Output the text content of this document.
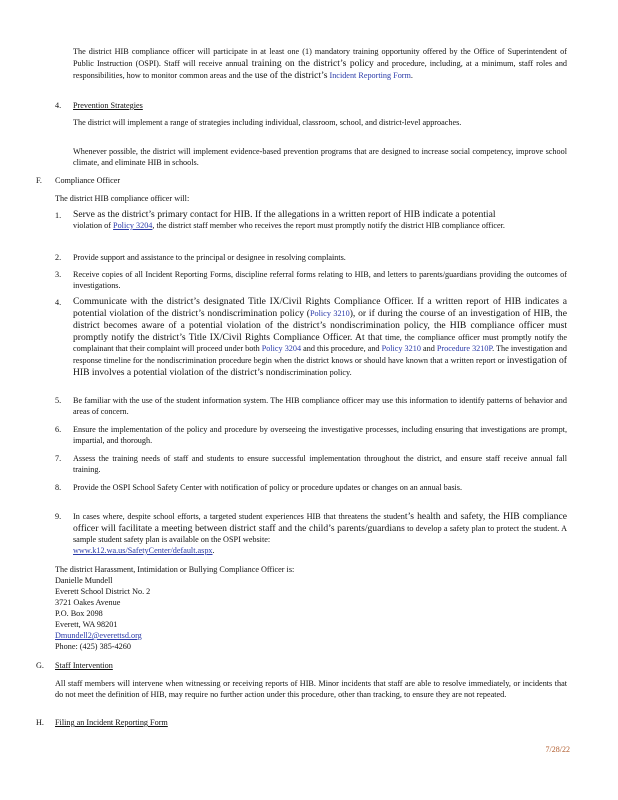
The district HIB compliance officer will participate in at least one (1) mandatory training opportunity offered by the Office of Superintendent of Public Instruction (OSPI). Staff will receive annual training on the district’s policy and procedure, including, at a minimum, staff roles and responsibilities, how to monitor common areas and the use of the district’s Incident Reporting Form.

4. Prevention Strategies

The district will implement a range of strategies including individual, classroom, school, and district-level approaches.

Whenever possible, the district will implement evidence-based prevention programs that are designed to increase social competency, improve school climate, and eliminate HIB in schools.

F. Compliance Officer
The district HIB compliance officer will:
1. Serve as the district’s primary contact for HIB. If the allegations in a written report of HIB indicate a potential
violation of Policy 3204, the district staff member who receives the report must promptly notify the district HIB compliance officer.

2. Provide support and assistance to the principal or designee in resolving complaints.

3. Receive copies of all Incident Reporting Forms, discipline referral forms relating to HIB, and letters to parents/guardians providing the outcomes of investigations.

4. Communicate with the district’s designated Title IX/Civil Rights Compliance Officer. If a written report of HIB indicates a potential violation of the district’s nondiscrimination policy (Policy 3210), or if during the course of an investigation of HIB, the district becomes aware of a potential violation of the district’s nondiscrimination policy, the HIB compliance officer must promptly notify the district’s Title IX/Civil Rights Compliance Officer. At that time, the compliance officer must promptly notify the complainant that their complaint will proceed under both Policy 3204 and this procedure, and Policy 3210 and Procedure 3210P. The investigation and response timeline for the nondiscrimination procedure begin when the district knows or should have known that a written report or investigation of HIB involves a potential violation of the district’s nondiscrimination policy.

5. Be familiar with the use of the student information system. The HIB compliance officer may use this information to identify patterns of behavior and areas of concern.

6. Ensure the implementation of the policy and procedure by overseeing the investigative processes, including ensuring that investigations are prompt, impartial, and thorough.

7. Assess the training needs of staff and students to ensure successful implementation throughout the district, and ensure staff receive annual fall training.

8. Provide the OSPI School Safety Center with notification of policy or procedure updates or changes on an annual basis.

9. In cases where, despite school efforts, a targeted student experiences HIB that threatens the student’s health and safety, the HIB compliance officer will facilitate a meeting between district staff and the child’s parents/guardians to develop a safety plan to protect the student. A sample student safety plan is available on the OSPI website:
www.k12.wa.us/SafetyCenter/default.aspx.

The district Harassment, Intimidation or Bullying Compliance Officer is:
Danielle Mundell
Everett School District No. 2
3721 Oakes Avenue
P.O. Box 2098
Everett, WA 98201
Dmundell2@everettsd.org
Phone: (425) 385-4260
G. Staff Intervention

All staff members will intervene when witnessing or receiving reports of HIB. Minor incidents that staff are able to resolve immediately, or incidents that do not meet the definition of HIB, may require no further action under this procedure, other than tracking, to ensure they are not repeated.

H. Filing an Incident Reporting Form
7/28/22
